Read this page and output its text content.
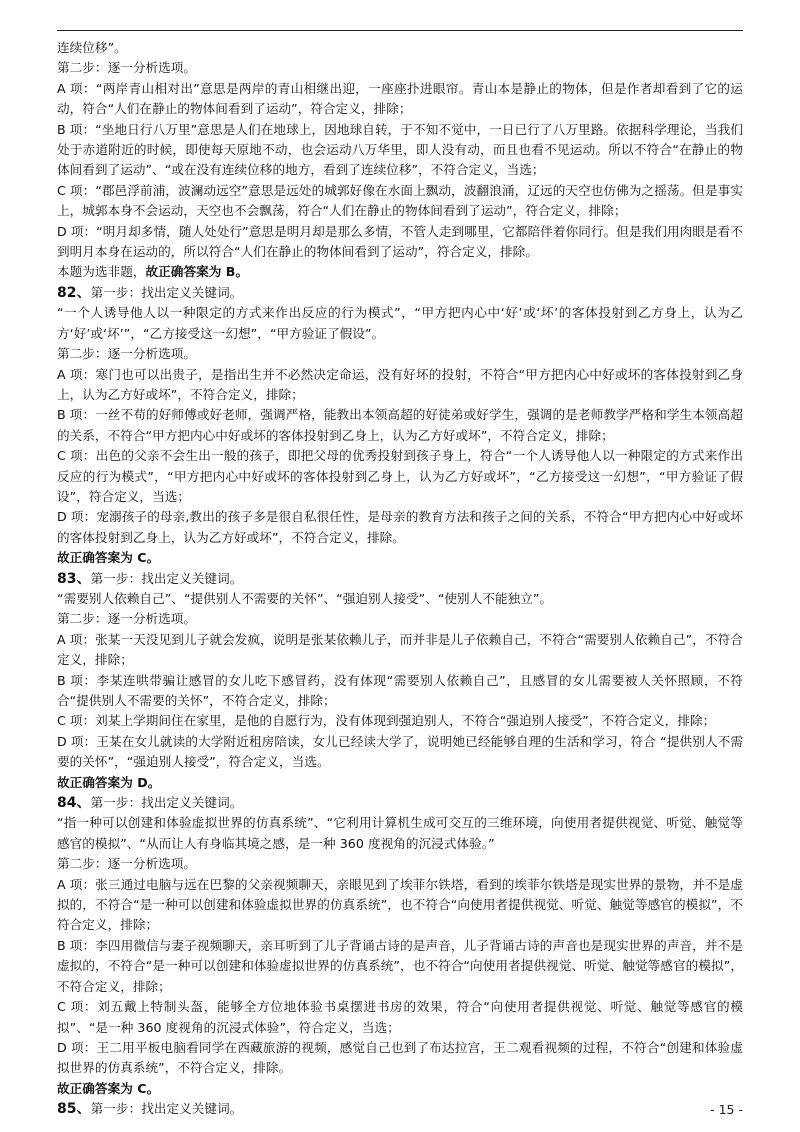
连续位移”。

第二步：逐一分析选项。

A 项：“两岸青山相对出”意思是两岸的青山相继出迎，一座座扑进眼帘。青山本是静止的物体，但是作者却看到了它的运动，符合“人们在静止的物体间看到了运动”，符合定义，排除；

B 项：“坐地日行八万里”意思是人们在地球上，因地球自转，于不知不觉中，一日已行了八万里路。依据科学理论，当我们处于赤道附近的时候，即使每天原地不动，也会运动八万华里，即人没有动，而且也看不见运动。所以不符合“在静止的物体间看到了运动”、“或在没有连续位移的地方，看到了连续位移”，不符合定义，当选；

C 项：“郡邑浮前浦，波澜动远空”意思是远处的城郭好像在水面上飘动，波翻浪涌，辽远的天空也仿佛为之摇荡。但是事实上，城郭本身不会运动，天空也不会飘荡，符合“人们在静止的物体间看到了运动”，符合定义，排除；

D 项：“明月却多情，随人处处行”意思是明月却是那么多情，不管人走到哪里，它都陪伴着你同行。但是我们用肉眼是看不到明月本身在运动的，所以符合“人们在静止的物体间看到了运动”，符合定义，排除。

本题为选非题，故正确答案为 B。

82、第一步：找出定义关键词。

“一个人诱导他人以一种限定的方式来作出反应的行为模式”，“甲方把内心中‘好’或‘坏’的客体投射到乙方身上，认为乙方‘好’或‘坏’”，“乙方接受这一幻想”，“甲方验证了假设”。

第二步：逐一分析选项。

A 项：寒门也可以出贵子，是指出生并不必然决定命运，没有好坏的投射，不符合“甲方把内心中好或坏的客体投射到乙身上，认为乙方好或坏”，不符合定义，排除；

B 项：一丝不苟的好师傅或好老师，强调严格，能教出本领高超的好徒弟或好学生，强调的是老师教学严格和学生本领高超的关系，不符合“甲方把内心中好或坏的客体投射到乙身上，认为乙方好或坏”，不符合定义，排除；

C 项：出色的父亲不会生出一般的孩子，即把父母的优秀投射到孩子身上，符合“一个人诱导他人以一种限定的方式来作出反应的行为模式”，“甲方把内心中好或坏的客体投射到乙身上，认为乙方好或坏”，“乙方接受这一幻想”，“甲方验证了假设”，符合定义，当选；

D 项：宠溺孩子的母亲,教出的孩子多是很自私很任性，是母亲的教育方法和孩子之间的关系，不符合“甲方把内心中好或坏的客体投射到乙身上，认为乙方好或坏”，不符合定义，排除。

故正确答案为 C。

83、第一步：找出定义关键词。

“需要别人依赖自己”、“提供别人不需要的关怀”、“强迫别人接受”、“使别人不能独立”。

第二步：逐一分析选项。

A 项：张某一天没见到儿子就会发疯，说明是张某依赖儿子，而并非是儿子依赖自己，不符合“需要别人依赖自己”，不符合定义，排除；

B 项：李某连哄带骗让感冒的女儿吃下感冒药，没有体现“需要别人依赖自己”，且感冒的女儿需要被人关怀照顾，不符合“提供别人不需要的关怀”，不符合定义，排除；

C 项：刘某上学期间住在家里，是他的自愿行为，没有体现到强迫别人，不符合“强迫别人接受”，不符合定义，排除；

D 项：王某在女儿就读的大学附近租房陪读，女儿已经读大学了，说明她已经能够自理的生活和学习，符合 “提供别人不需要的关怀”，“强迫别人接受”，符合定义，当选。

故正确答案为 D。

84、第一步：找出定义关键词。

“指一种可以创建和体验虚拟世界的仿真系统”、“它利用计算机生成可交互的三维环境，向使用者提供视觉、听觉、触觉等感官的模拟”、“从而让人有身临其境之感，是一种 360 度视角的沉浸式体验。”

第二步：逐一分析选项。

A 项：张三通过电脑与远在巴黎的父亲视频聊天，亲眼见到了埃菲尔铁塔，看到的埃菲尔铁塔是现实世界的景物，并不是虚拟的，不符合“是一种可以创建和体验虚拟世界的仿真系统”，也不符合“向使用者提供视觉、听觉、触觉等感官的模拟”，不符合定义，排除；

B 项：李四用微信与妻子视频聊天，亲耳听到了儿子背诵古诗的是声音，儿子背诵古诗的声音也是现实世界的声音，并不是虚拟的，不符合“是一种可以创建和体验虚拟世界的仿真系统”，也不符合“向使用者提供视觉、听觉、触觉等感官的模拟”，不符合定义，排除；

C 项：刘五戴上特制头盔，能够全方位地体验书桌摆进书房的效果，符合“向使用者提供视觉、听觉、触觉等感官的模拟”、“是一种 360 度视角的沉浸式体验”，符合定义，当选；

D 项：王二用平板电脑看同学在西藏旅游的视频，感觉自己也到了布达拉宫，王二观看视频的过程，不符合“创建和体验虚拟世界的仿真系统”，不符合定义，排除。

故正确答案为 C。

85、第一步：找出定义关键词。	- 15 -
